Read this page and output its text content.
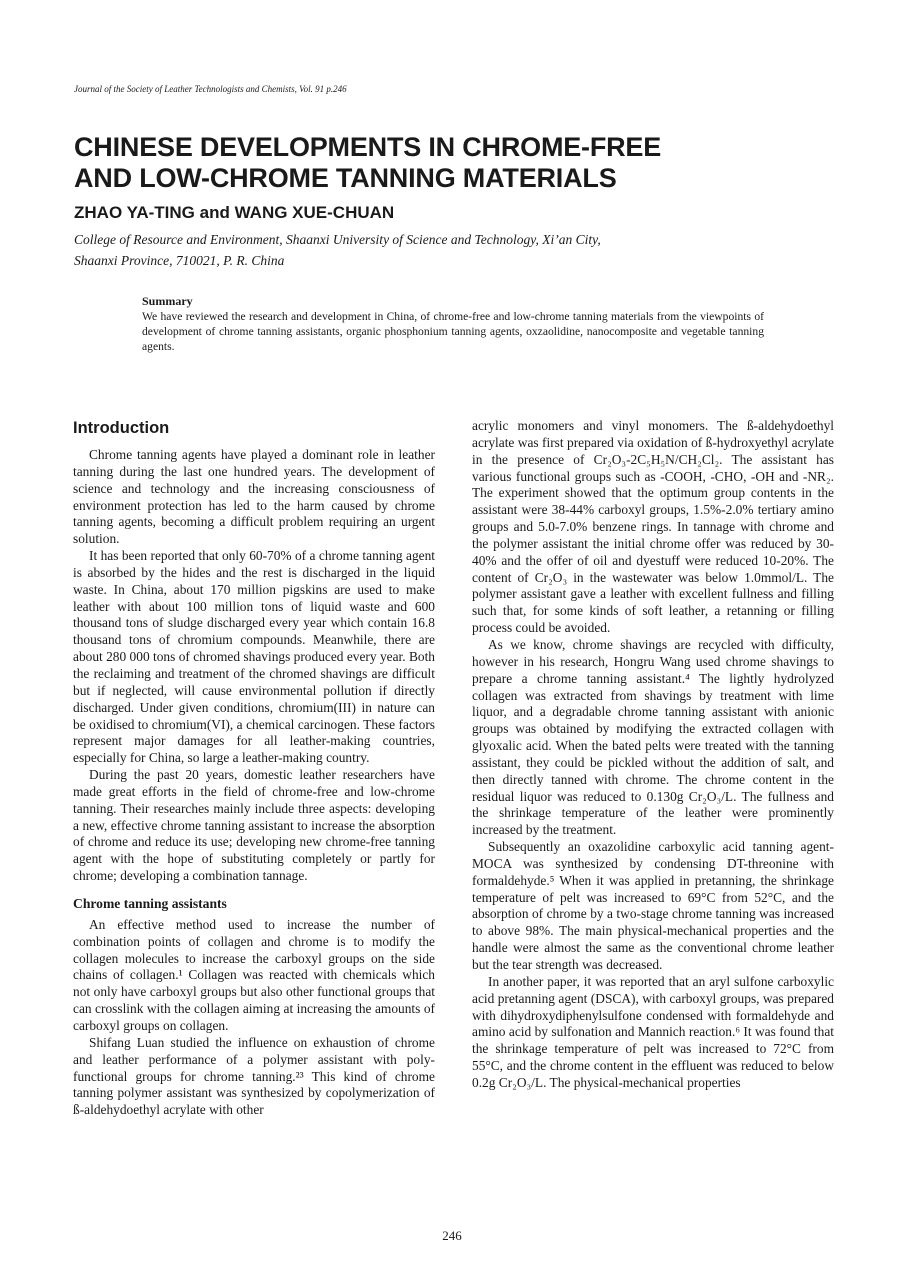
Journal of the Society of Leather Technologists and Chemists, Vol. 91 p.246
CHINESE DEVELOPMENTS IN CHROME-FREE
AND LOW-CHROME TANNING MATERIALS
ZHAO YA-TING and WANG XUE-CHUAN
College of Resource and Environment, Shaanxi University of Science and Technology, Xi’an City,
Shaanxi Province, 710021, P. R. China
Summary
We have reviewed the research and development in China, of chrome-free and low-chrome tanning materials from the viewpoints of development of chrome tanning assistants, organic phosphonium tanning agents, oxzaolidine, nanocomposite and vegetable tanning agents.
Introduction

Chrome tanning agents have played a dominant role in leather tanning during the last one hundred years. The development of science and technology and the increasing consciousness of environment protection has led to the harm caused by chrome tanning agents, becoming a difficult problem requiring an urgent solution.

It has been reported that only 60-70% of a chrome tanning agent is absorbed by the hides and the rest is discharged in the liquid waste. In China, about 170 million pigskins are used to make leather with about 100 million tons of liquid waste and 600 thousand tons of sludge discharged every year which contain 16.8 thousand tons of chromium compounds. Meanwhile, there are about 280 000 tons of chromed shavings produced every year. Both the reclaiming and treatment of the chromed shavings are difficult but if neglected, will cause environmental pollution if directly discharged. Under given conditions, chromium(III) in nature can be oxidised to chromium(VI), a chemical carcinogen. These factors represent major damages for all leather-making countries, especially for China, so large a leather-making country.

During the past 20 years, domestic leather researchers have made great efforts in the field of chrome-free and low-chrome tanning. Their researches mainly include three aspects: developing a new, effective chrome tanning assistant to increase the absorption of chrome and reduce its use; developing new chrome-free tanning agent with the hope of substituting completely or partly for chrome; developing a combination tannage.

Chrome tanning assistants

An effective method used to increase the number of combination points of collagen and chrome is to modify the collagen molecules to increase the carboxyl groups on the side chains of collagen.¹ Collagen was reacted with chemicals which not only have carboxyl groups but also other functional groups that can crosslink with the collagen aiming at increasing the amounts of carboxyl groups on collagen.

Shifang Luan studied the influence on exhaustion of chrome and leather performance of a polymer assistant with poly-functional groups for chrome tanning.²³ This kind of chrome tanning polymer assistant was synthesized by copolymerization of ß-aldehydoethyl acrylate with other

acrylic monomers and vinyl monomers. The ß-aldehydoethyl acrylate was first prepared via oxidation of ß-hydroxyethyl acrylate in the presence of Cr₂O₃-2C₅H₅N/CH₂Cl₂. The assistant has various functional groups such as -COOH, -CHO, -OH and -NR₂. The experiment showed that the optimum group contents in the assistant were 38-44% carboxyl groups, 1.5%-2.0% tertiary amino groups and 5.0-7.0% benzene rings. In tannage with chrome and the polymer assistant the initial chrome offer was reduced by 30-40% and the offer of oil and dyestuff were reduced 10-20%. The content of Cr₂O₃ in the wastewater was below 1.0mmol/L. The polymer assistant gave a leather with excellent fullness and filling such that, for some kinds of soft leather, a retanning or filling process could be avoided.

As we know, chrome shavings are recycled with difficulty, however in his research, Hongru Wang used chrome shavings to prepare a chrome tanning assistant.⁴ The lightly hydrolyzed collagen was extracted from shavings by treatment with lime liquor, and a degradable chrome tanning assistant with anionic groups was obtained by modifying the extracted collagen with glyoxalic acid. When the bated pelts were treated with the tanning assistant, they could be pickled without the addition of salt, and then directly tanned with chrome. The chrome content in the residual liquor was reduced to 0.130g Cr₂O₃/L. The fullness and the shrinkage temperature of the leather were prominently increased by the treatment.

Subsequently an oxazolidine carboxylic acid tanning agent-MOCA was synthesized by condensing DT-threonine with formaldehyde.⁵ When it was applied in pretanning, the shrinkage temperature of pelt was increased to 69°C from 52°C, and the absorption of chrome by a two-stage chrome tanning was increased to above 98%. The main physical-mechanical properties and the handle were almost the same as the conventional chrome leather but the tear strength was decreased.

In another paper, it was reported that an aryl sulfone carboxylic acid pretanning agent (DSCA), with carboxyl groups, was prepared with dihydroxydiphenylsulfone condensed with formaldehyde and amino acid by sulfonation and Mannich reaction.⁶ It was found that the shrinkage temperature of pelt was increased to 72°C from 55°C, and the chrome content in the effluent was reduced to below 0.2g Cr₂O₃/L. The physical-mechanical properties

246
